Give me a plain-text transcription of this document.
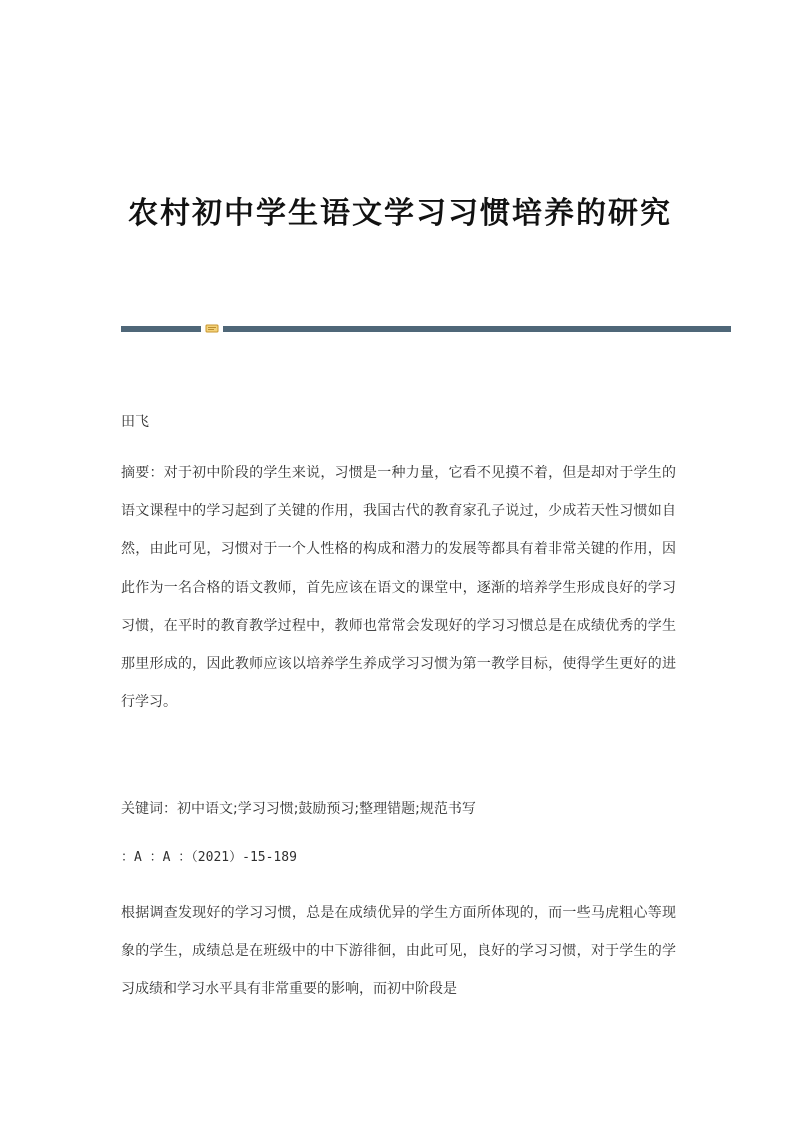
农村初中学生语文学习习惯培养的研究

田飞

摘要：对于初中阶段的学生来说，习惯是一种力量，它看不见摸不着，但是却对于学生的语文课程中的学习起到了关键的作用，我国古代的教育家孔子说过，少成若天性习惯如自然，由此可见，习惯对于一个人性格的构成和潜力的发展等都具有着非常关键的作用，因此作为一名合格的语文教师，首先应该在语文的课堂中，逐渐的培养学生形成良好的学习习惯，在平时的教育教学过程中，教师也常常会发现好的学习习惯总是在成绩优秀的学生那里形成的，因此教师应该以培养学生养成学习习惯为第一教学目标，使得学生更好的进行学习。

关键词：初中语文;学习习惯;鼓励预习;整理错题;规范书写

：A ：A ：（2021）-15-189

根据调查发现好的学习习惯，总是在成绩优异的学生方面所体现的，而一些马虎粗心等现象的学生，成绩总是在班级中的中下游徘徊，由此可见，良好的学习习惯，对于学生的学习成绩和学习水平具有非常重要的影响，而初中阶段是
